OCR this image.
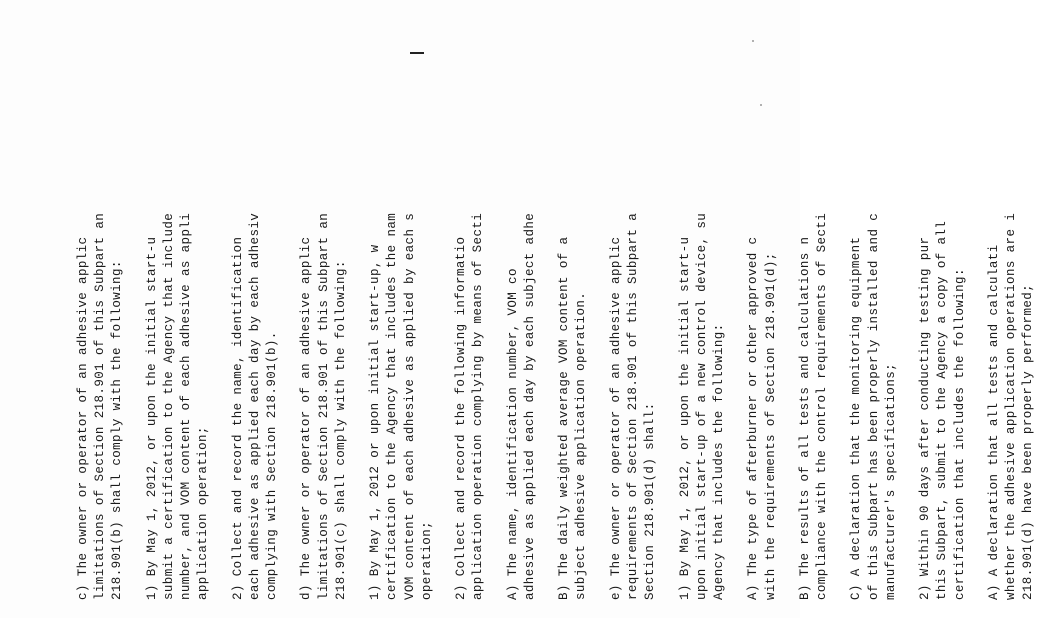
c) The owner or operator of an adhesive applic limitations of Section 218.901 of this Subpart an 218.901(b) shall comply with the following: 1) By May 1, 2012, or upon the initial start-u submit a certification to the Agency that include number, and VOM content of each adhesive as appli application operation; 2) Collect and record the name, identification each adhesive as applied each day by each adhesiv complying with Section 218.901(b). d) The owner or operator of an adhesive applic limitations of Section 218.901 of this Subpart an 218.901(c) shall comply with the following: 1) By May 1, 2012 or upon initial start-up, w certification to the Agency that includes the nam VOM content of each adhesive as applied by each s operation; 2) Collect and record the following informatio application operation complying by means of Secti A) The name, identification number, VOM co adhesive as applied each day by each subject adhe B) The daily weighted average VOM content of a subject adhesive application operation. e) The owner or operator of an adhesive applic requirements of Section 218.901 of this Subpart a Section 218.901(d) shall: 1) By May 1, 2012, or upon the initial start-u upon initial start-up of a new control device, su Agency that includes the following: A) The type of afterburner or other approved c with the requirements of Section 218.901(d); B) The results of all tests and calculations n compliance with the control requirements of Secti C) A declaration that the monitoring equipment of this Subpart has been properly installed and c manufacturer's specifications; 2) Within 90 days after conducting testing pur this Subpart, submit to the Agency a copy of all certification that includes the following: A) A declaration that all tests and calculati whether the adhesive application operations are i 218.901(d) have been properly performed;
